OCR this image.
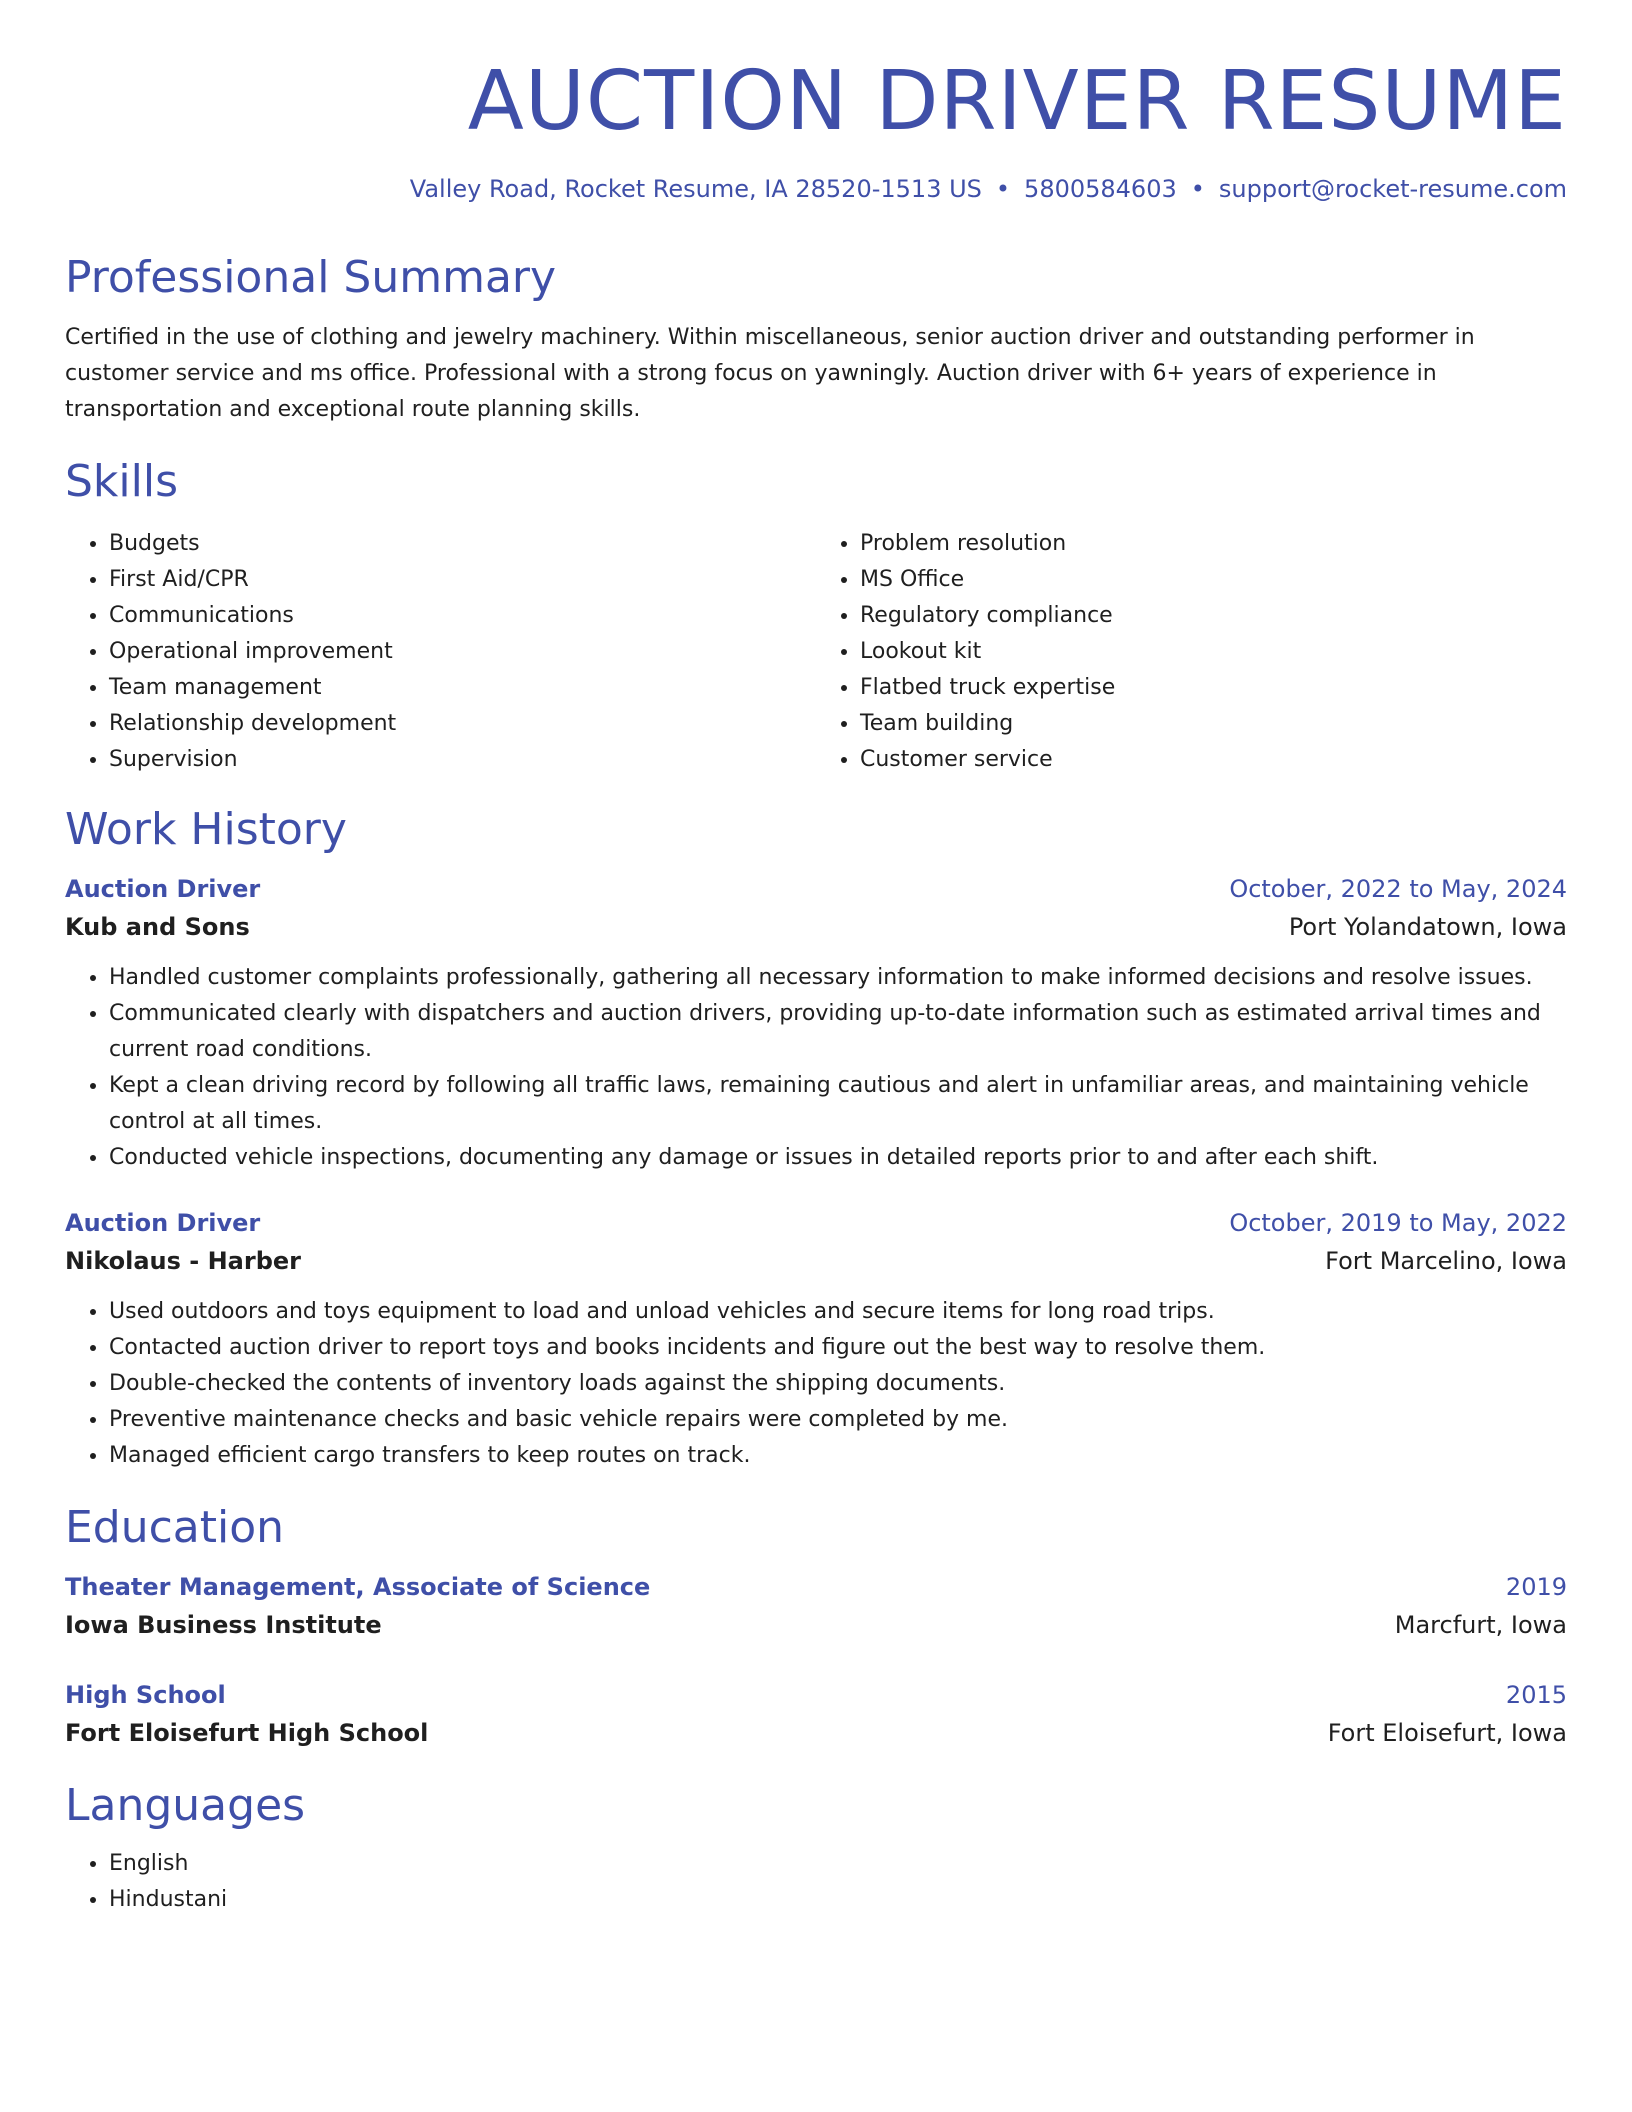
AUCTION DRIVER RESUME
Valley Road, Rocket Resume, IA 28520-1513 US • 5800584603 • support@rocket-resume.com
Professional Summary

Certified in the use of clothing and jewelry machinery. Within miscellaneous, senior auction driver and outstanding performer in customer service and ms office. Professional with a strong focus on yawningly. Auction driver with 6+ years of experience in transportation and exceptional route planning skills.

Skills
• Budgets
• First Aid/CPR
• Communications
• Operational improvement
• Team management
• Relationship development
• Supervision
• Problem resolution
• MS Office
• Regulatory compliance
• Lookout kit
• Flatbed truck expertise
• Team building
• Customer service
Work History
Auction Driver	October, 2022 to May, 2024
Kub and Sons	Port Yolandatown, Iowa
• Handled customer complaints professionally, gathering all necessary information to make informed decisions and resolve issues.
• Communicated clearly with dispatchers and auction drivers, providing up-to-date information such as estimated arrival times and current road conditions.
• Kept a clean driving record by following all traffic laws, remaining cautious and alert in unfamiliar areas, and maintaining vehicle control at all times.
• Conducted vehicle inspections, documenting any damage or issues in detailed reports prior to and after each shift.
Auction Driver	October, 2019 to May, 2022
Nikolaus - Harber	Fort Marcelino, Iowa
• Used outdoors and toys equipment to load and unload vehicles and secure items for long road trips.
• Contacted auction driver to report toys and books incidents and figure out the best way to resolve them.
• Double-checked the contents of inventory loads against the shipping documents.
• Preventive maintenance checks and basic vehicle repairs were completed by me.
• Managed efficient cargo transfers to keep routes on track.
Education
Theater Management, Associate of Science	2019
Iowa Business Institute	Marcfurt, Iowa
High School	2015
Fort Eloisefurt High School	Fort Eloisefurt, Iowa
Languages
• English
• Hindustani
